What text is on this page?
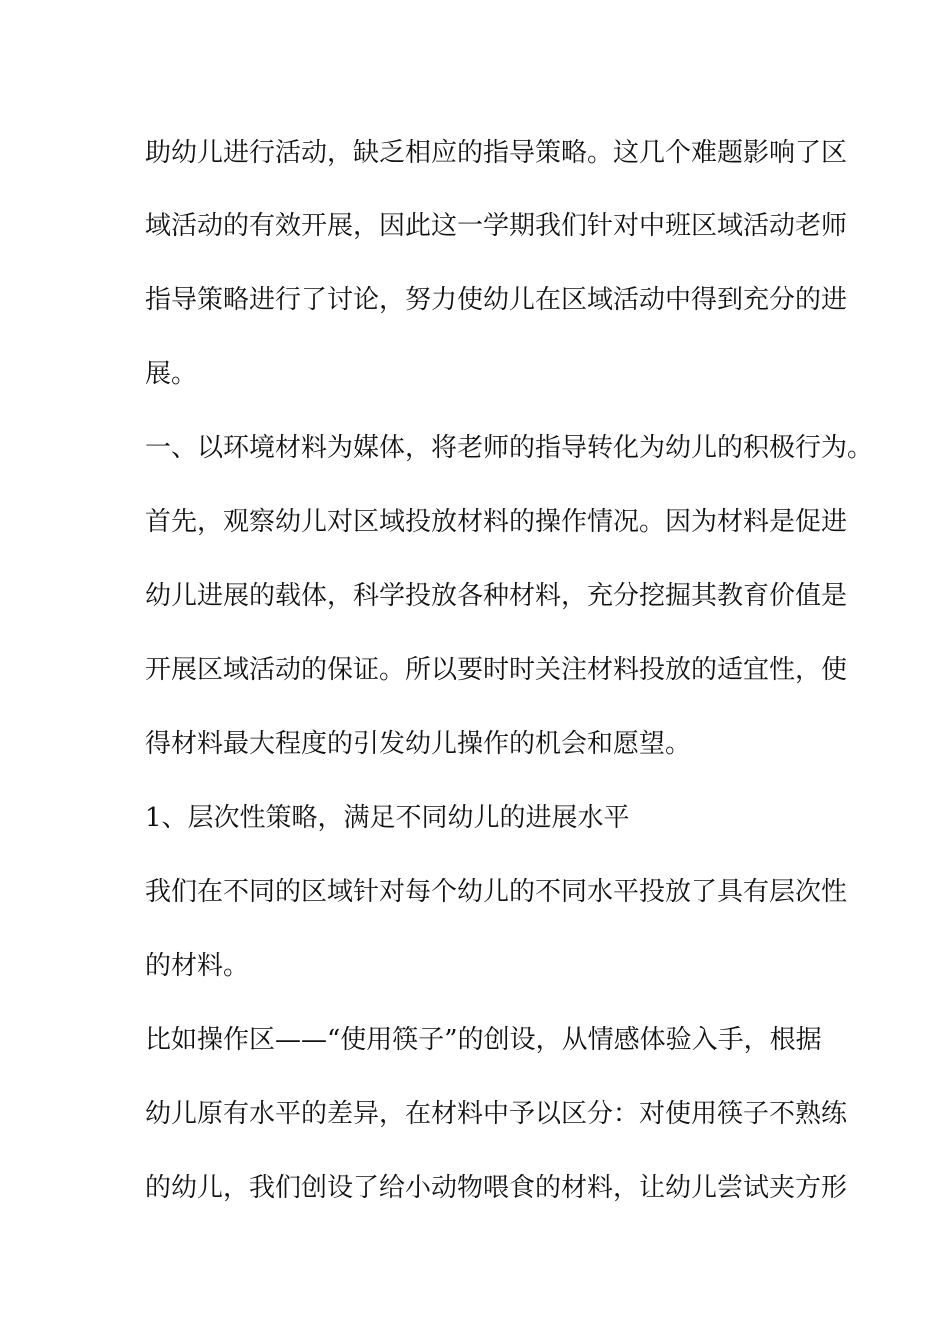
助幼儿进行活动，缺乏相应的指导策略。这几个难题影响了区
域活动的有效开展，因此这一学期我们针对中班区域活动老师
指导策略进行了讨论，努力使幼儿在区域活动中得到充分的进
展。
一、以环境材料为媒体，将老师的指导转化为幼儿的积极行为。
首先，观察幼儿对区域投放材料的操作情况。因为材料是促进
幼儿进展的载体，科学投放各种材料，充分挖掘其教育价值是
开展区域活动的保证。所以要时时关注材料投放的适宜性，使
得材料最大程度的引发幼儿操作的机会和愿望。
1、层次性策略，满足不同幼儿的进展水平
我们在不同的区域针对每个幼儿的不同水平投放了具有层次性
的材料。
比如操作区——“使用筷子”的创设，从情感体验入手，根据
幼儿原有水平的差异，在材料中予以区分：对使用筷子不熟练
的幼儿，我们创设了给小动物喂食的材料，让幼儿尝试夹方形
